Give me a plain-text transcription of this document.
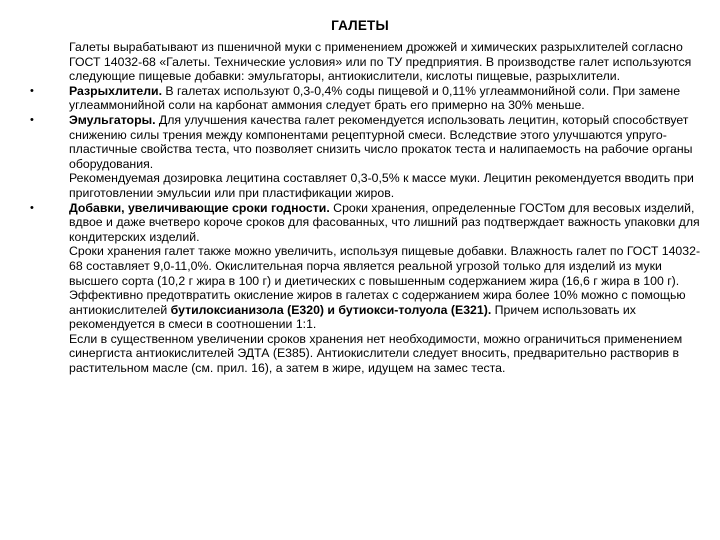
ГАЛЕТЫ

Галеты вырабатывают из пшеничной муки с применением дрожжей и химических разрыхлителей согласно ГОСТ 14032-68 «Галеты. Технические условия» или по ТУ предприятия. В производстве галет используются следующие пищевые добавки: эмульгаторы, антиокислители, кислоты пищевые, разрыхлители.

•	Разрыхлители. В галетах используют 0,3-0,4% соды пищевой и 0,11% углеаммонийной соли. При замене углеаммонийной соли на карбонат аммония следует брать его примерно на 30% меньше.

•	Эмульгаторы. Для улучшения качества галет рекомендуется использовать лецитин, который способствует снижению силы трения между компонентами рецептурной смеси. Вследствие этого улучшаются упруго-пластичные свойства теста, что позволяет снизить число прокаток теста и налипаемость на рабочие органы оборудования.

Рекомендуемая дозировка лецитина составляет 0,3-0,5% к массе муки. Лецитин рекомендуется вводить при приготовлении эмульсии или при пластификации жиров.

•	Добавки, увеличивающие сроки годности. Сроки хранения, определенные ГОСТом для весовых изделий, вдвое и даже вчетверо короче сроков для фасованных, что лишний раз подтверждает важность упаковки для кондитерских изделий.

Сроки хранения галет также можно увеличить, используя пищевые добавки. Влажность галет по ГОСТ 14032-68 составляет 9,0-11,0%. Окислительная порча является реальной угрозой только для изделий из муки высшего сорта (10,2 г жира в 100 г) и диетических с повышенным содержанием жира (16,6 г жира в 100 г).

Эффективно предотвратить окисление жиров в галетах с содержанием жира более 10% можно с помощью антиокислителей бутилоксианизола (Е320) и бутиокси-толуола (Е321). Причем использовать их рекомендуется в смеси в соотношении 1:1.

Если в существенном увеличении сроков хранения нет необходимости, можно ограничиться применением синергиста антиокислителей ЭДТА (Е385). Антиокислители следует вносить, предварительно растворив в растительном масле (см. прил. 16), а затем в жире, идущем на замес теста.
